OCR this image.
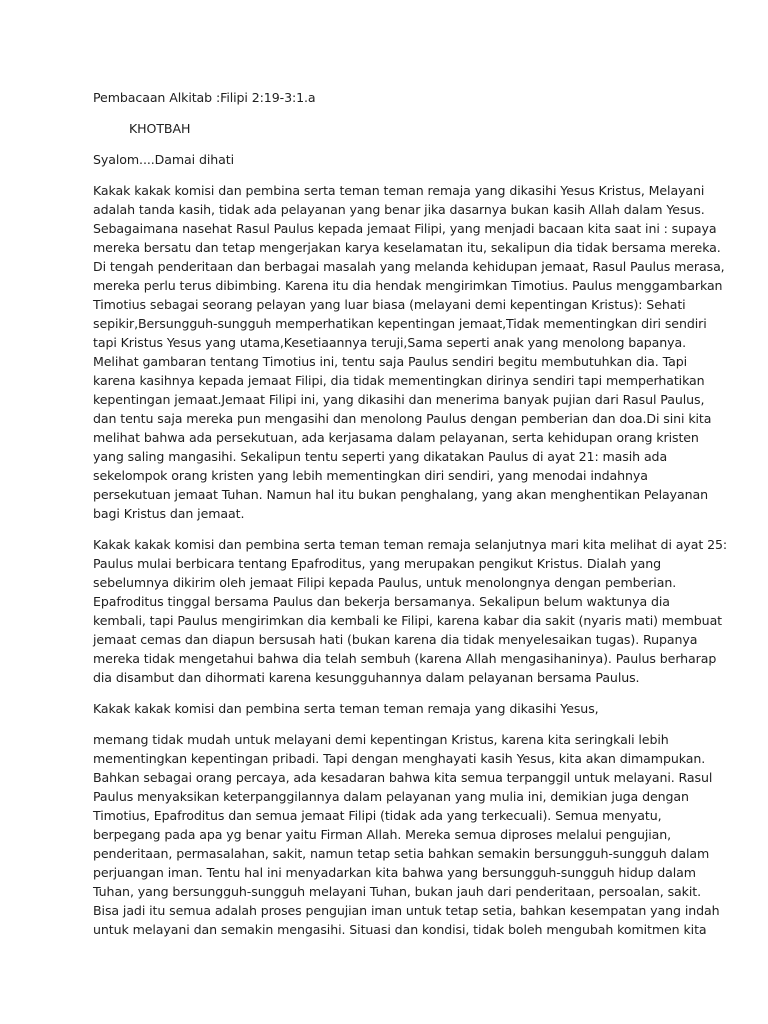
Pembacaan Alkitab :Filipi 2:19-3:1.a

KHOTBAH

Syalom....Damai dihati

Kakak kakak komisi dan pembina serta teman teman remaja yang dikasihi Yesus Kristus, Melayani

adalah tanda kasih, tidak ada pelayanan yang benar jika dasarnya bukan kasih Allah dalam Yesus.

Sebagaimana nasehat Rasul Paulus kepada jemaat Filipi, yang menjadi bacaan kita saat ini : supaya

mereka bersatu dan tetap mengerjakan karya keselamatan itu, sekalipun dia tidak bersama mereka.

Di tengah penderitaan dan berbagai masalah yang melanda kehidupan jemaat, Rasul Paulus merasa,

mereka perlu terus dibimbing. Karena itu dia hendak mengirimkan Timotius. Paulus menggambarkan

Timotius sebagai seorang pelayan yang luar biasa (melayani demi kepentingan Kristus): Sehati

sepikir,Bersungguh-sungguh memperhatikan kepentingan jemaat,Tidak mementingkan diri sendiri

tapi Kristus Yesus yang utama,Kesetiaannya teruji,Sama seperti anak yang menolong bapanya.

Melihat gambaran tentang Timotius ini, tentu saja Paulus sendiri begitu membutuhkan dia. Tapi

karena kasihnya kepada jemaat Filipi, dia tidak mementingkan dirinya sendiri tapi memperhatikan

kepentingan jemaat.Jemaat Filipi ini, yang dikasihi dan menerima banyak pujian dari Rasul Paulus,

dan tentu saja mereka pun mengasihi dan menolong Paulus dengan pemberian dan doa.Di sini kita

melihat bahwa ada persekutuan, ada kerjasama dalam pelayanan, serta kehidupan orang kristen

yang saling mangasihi. Sekalipun tentu seperti yang dikatakan Paulus di ayat 21: masih ada

sekelompok orang kristen yang lebih mementingkan diri sendiri, yang menodai indahnya

persekutuan jemaat Tuhan. Namun hal itu bukan penghalang, yang akan menghentikan Pelayanan

bagi Kristus dan jemaat.

Kakak kakak komisi dan pembina serta teman teman remaja selanjutnya mari kita melihat di ayat 25:

Paulus mulai berbicara tentang Epafroditus, yang merupakan pengikut Kristus. Dialah yang

sebelumnya dikirim oleh jemaat Filipi kepada Paulus, untuk menolongnya dengan pemberian.

Epafroditus tinggal bersama Paulus dan bekerja bersamanya. Sekalipun belum waktunya dia

kembali, tapi Paulus mengirimkan dia kembali ke Filipi, karena kabar dia sakit (nyaris mati) membuat

jemaat cemas dan diapun bersusah hati (bukan karena dia tidak menyelesaikan tugas). Rupanya

mereka tidak mengetahui bahwa dia telah sembuh (karena Allah mengasihaninya). Paulus berharap

dia disambut dan dihormati karena kesungguhannya dalam pelayanan bersama Paulus.

Kakak kakak komisi dan pembina serta teman teman remaja yang dikasihi Yesus,

memang tidak mudah untuk melayani demi kepentingan Kristus, karena kita seringkali lebih

mementingkan kepentingan pribadi. Tapi dengan menghayati kasih Yesus, kita akan dimampukan.

Bahkan sebagai orang percaya, ada kesadaran bahwa kita semua terpanggil untuk melayani. Rasul

Paulus menyaksikan keterpanggilannya dalam pelayanan yang mulia ini, demikian juga dengan

Timotius, Epafroditus dan semua jemaat Filipi (tidak ada yang terkecuali). Semua menyatu,

berpegang pada apa yg benar yaitu Firman Allah. Mereka semua diproses melalui pengujian,

penderitaan, permasalahan, sakit, namun tetap setia bahkan semakin bersungguh-sungguh dalam

perjuangan iman. Tentu hal ini menyadarkan kita bahwa yang bersungguh-sungguh hidup dalam

Tuhan, yang bersungguh-sungguh melayani Tuhan, bukan jauh dari penderitaan, persoalan, sakit.

Bisa jadi itu semua adalah proses pengujian iman untuk tetap setia, bahkan kesempatan yang indah

untuk melayani dan semakin mengasihi. Situasi dan kondisi, tidak boleh mengubah komitmen kita
